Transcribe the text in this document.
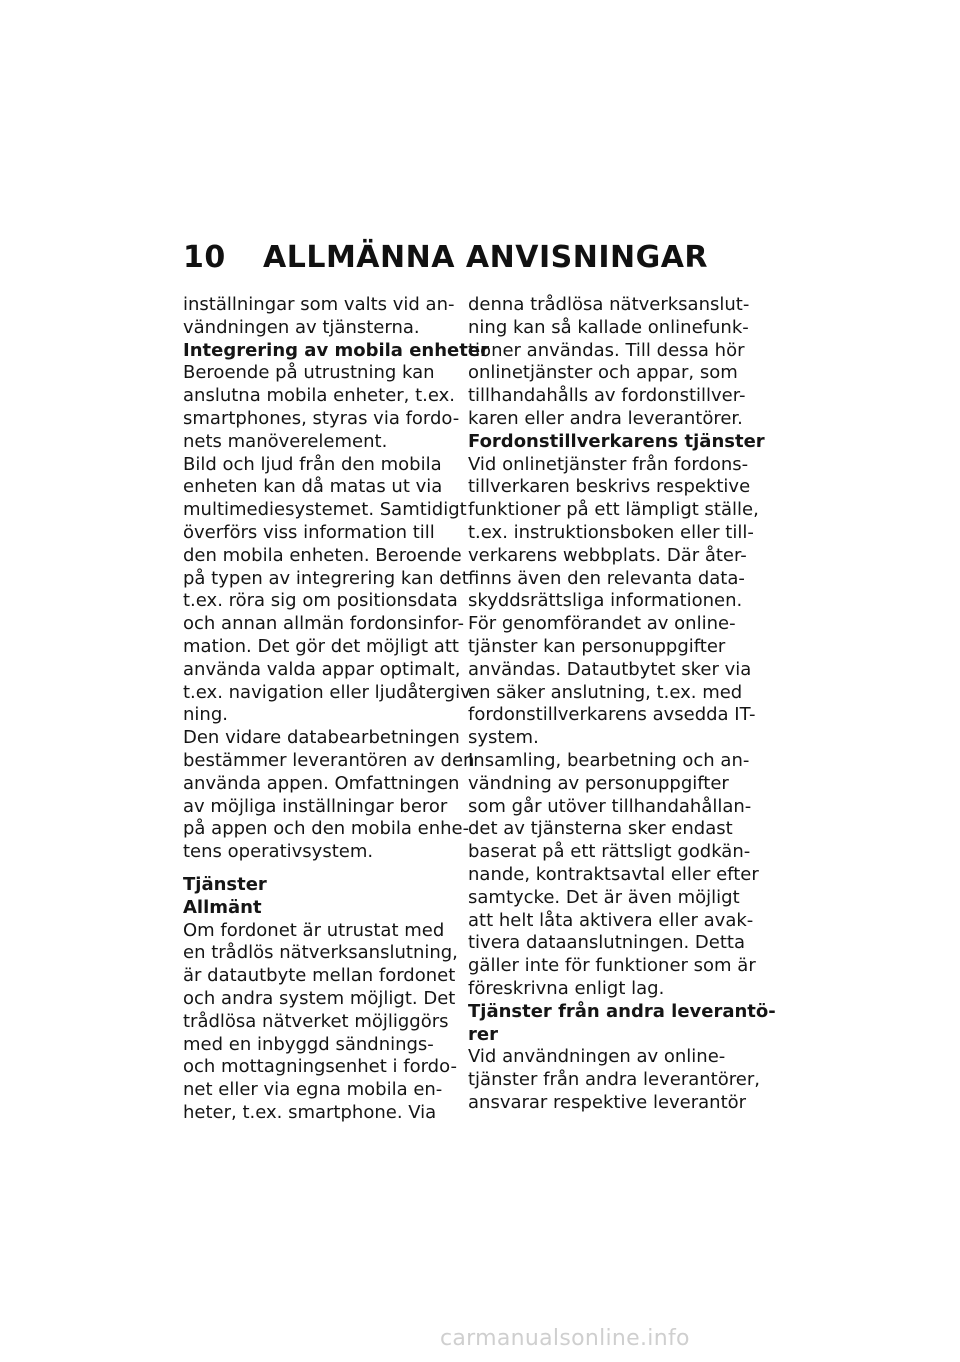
10	ALLMÄNNA ANVISNINGAR

inställningar som valts vid an-

vändningen av tjänsterna.

Integrering av mobila enheter

Beroende på utrustning kan

anslutna mobila enheter, t.ex.

smartphones, styras via fordo-

nets manöverelement.

Bild och ljud från den mobila

enheten kan då matas ut via

multimediesystemet. Samtidigt

överförs viss information till

den mobila enheten. Beroende

på typen av integrering kan det

t.ex. röra sig om positionsdata

och annan allmän fordonsinfor-

mation. Det gör det möjligt att

använda valda appar optimalt,

t.ex. navigation eller ljudåtergiv-

ning.

Den vidare databearbetningen

bestämmer leverantören av den

använda appen. Omfattningen

av möjliga inställningar beror

på appen och den mobila enhe-

tens operativsystem.

Tjänster

Allmänt

Om fordonet är utrustat med

en trådlös nätverksanslutning,

är datautbyte mellan fordonet

och andra system möjligt. Det

trådlösa nätverket möjliggörs

med en inbyggd sändnings-

och mottagningsenhet i fordo-

net eller via egna mobila en-

heter, t.ex. smartphone. Via

denna trådlösa nätverksanslut-

ning kan så kallade onlinefunk-

tioner användas. Till dessa hör

onlinetjänster och appar, som

tillhandahålls av fordonstillver-

karen eller andra leverantörer.

Fordonstillverkarens tjänster

Vid onlinetjänster från fordons-

tillverkaren beskrivs respektive

funktioner på ett lämpligt ställe,

t.ex. instruktionsboken eller till-

verkarens webbplats. Där åter-

finns även den relevanta data-

skyddsrättsliga informationen.

För genomförandet av online-

tjänster kan personuppgifter

användas. Datautbytet sker via

en säker anslutning, t.ex. med

fordonstillverkarens avsedda IT-

system.

Insamling, bearbetning och an-

vändning av personuppgifter

som går utöver tillhandahållan-

det av tjänsterna sker endast

baserat på ett rättsligt godkän-

nande, kontraktsavtal eller efter

samtycke. Det är även möjligt

att helt låta aktivera eller avak-

tivera dataanslutningen. Detta

gäller inte för funktioner som är

föreskrivna enligt lag.

Tjänster från andra leverantö-

rer

Vid användningen av online-

tjänster från andra leverantörer,

ansvarar respektive leverantör

carmanualsonline.info
